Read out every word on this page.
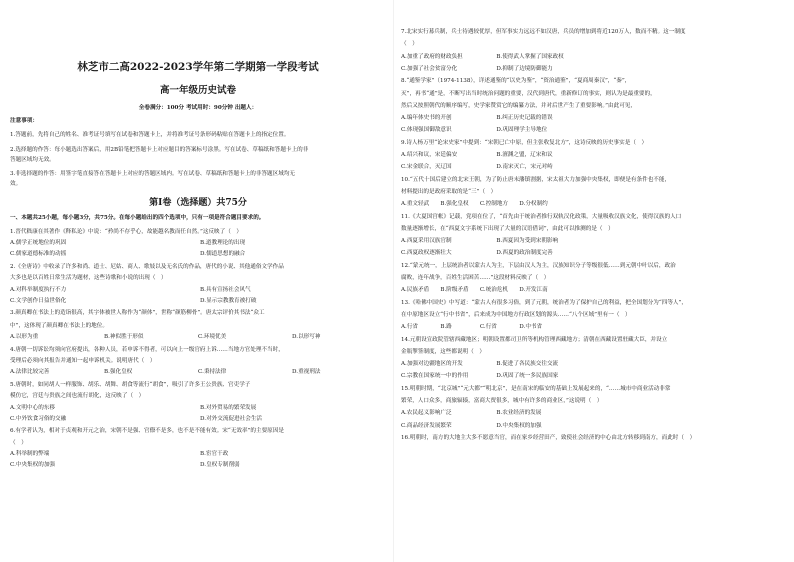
林芝市二高2022-2023学年第二学期第一学段考试
高一年级历史试卷
全卷满分：100分 考试用时：90分钟 出题人：
注意事项：
1.答题前，先将自己的姓名、准考证号填写在试卷和答题卡上，并将准考证号条形码粘贴在答题卡上的指定位置。
2.选择题的作答：每小题选出答案后，用2B铅笔把答题卡上对应题目的答案标号涂黑。写在试卷、草稿纸和答题卡上的非
答题区域均无效。
3.非选择题的作答：用签字笔直接答在答题卡上对应的答题区域内。写在试卷、草稿纸和答题卡上的非答题区域均无
效。
第Ⅰ卷（选择题）共75分
一、本题共25小题，每小题3分，共75分。在每小题给出的四个选项中，只有一项是符合题目要求的。
1.晋代嵇康在其著作《释私论》中说：“矜尚不存乎心，故能越名教而任自然。”这反映了（　）
A.儒学正统地位的巩固	B.道教理论的出现
C.儒家道德标准的动摇	D.儒道思想的融合
2.《全唐诗》中收录了许多和尚、道士、尼姑、商人、歌妓以及无名氏的作品，唐代的小说、其他通俗文学作品
大多也是以百姓日常生活为题材，这些诗歌和小说的出现（　）
A.对科举制度执行不力	B.具有宣扬社会风气
C.文学创作日益世俗化	D.显示宗教教育被打破
3.颜真卿在书法上的造诣很高，其字体被世人称作为“颜体”，世称“颜筋柳骨”。唐太宗评价其书法“众工
中”，这体现了颜真卿在书法上的地位。
A.以形为重	B.神似胜于形似	C.环境优美	D.以形写神
4.唐朝一切诉讼均须向官府提出，各种人员，若申诉不得者，可以向上一级官府上诉……当地方官处理不当时，
受理后必须向其报告并通知一起申诉机关。说明唐代（　）
A.法律比较完善	B.强化皇权	C.秉持法律	D.重视刑法
5.唐朝时，如同胡人一样服饰、胡乐、胡舞、胡食等流行“胡食”，吸引了许多王公贵族、官吏学子
模仿它，宫廷与贵族之间也流行胡化，这反映了（　）
A.文明中心的东移	B.对外贸易的繁荣发展
C.中外饮食习俗的交融	D.对外交流促进社会生活
6.有学者认为，相对于贞观和开元之治，宋朝不是强、官僚不是多，也不是不能有效。宋“无效率”的主要原因是
（　）
A.科举制的弊端	B.宦官干政
C.中央集权的加强	D.皇权专制削弱
7.北宋实行募兵制，兵士待遇较优厚，但军事实力远远不如汉唐，兵员的增加到将近120万人，数而不精。这一制度
（　）
A.加重了政府的财政负担　　　　　　B.使得武人掌握了国家政权
C.加强了社会贫富分化　　　　　　　D.抑制了边境防御能力
8.“通鉴学家”（1974-1138），详述通鉴的“以史为鉴”，“资治通鉴”，“夏商周秦汉”，“秦”，
灭”，再书“通”是，不断写出当时统治问题的重要，汉代到唐代，重新修订的事实，则认为是最重要的，
然后又按照朝代的顺序编写，史学家赞赏它的编纂方法，并对后世产生了重要影响。”由此可见，
A.编年体史书的开创　　　　　　　　B.纠正历史记载的错误
C.体现强国御敌意识　　　　　　　　D.巩固理学主导地位
9.诗人杨万里“论宋史家”中提到：“宋朝已亡中原，但主张收复北方”，这诗反映的历史事实是（　）
A.绍兴和议，宋廷偏安　　　　　　　B.澶渊之盟，辽宋和议
C.宋金联合，灭辽国　　　　　　　　D.南宋灭亡，宋元对峙
10.“五代十国后建立的北宋王朝，为了防止唐末藩镇割据，宋太祖大力加强中央集权，即便是有条件也不能，
材料提出的是政府采取的是“三”（　）
A.重文轻武　　B.强化皇权　　C.控制地方　　D.分权制约
11.《大夏国宫帐》记载，党项在位了，“首先由于统治者推行双轨汉化政策，大量吸收汉族文化，使得汉族的人口
数量逐渐增长，在“西夏文字系统下出现了大量的汉语借词”，由此可以推测的是（　）
A.西夏采用汉族官制　　　　　　　　B.西夏因为受到宋朝影响
C.西夏政权逐渐壮大　　　　　　　　D.西夏的政治制度完善
12.“蒙元统一，上层统治者以蒙古人为主，下层由汉人为主，汉族知识分子等级很低……到元朝中叶以后，政治
腐败，连年战争，百姓生活困苦……”这段材料反映了（　）
A.民族矛盾　　B.阶级矛盾　　C.统治危机　　D.开发江南
13.《哈佛中国史》中写道：“蒙古人有很多习俗，到了元朝，统治者为了保护自己的利益，把全国划分为“四等人”，
在中原地区设立“行中书省”，后来成为中国地方行政区划的源头……“八个区域”里有一（　）
A.行省　　　　B.路　　　　　C.行省　　　　D.中书省
14.元朝设宣政院管辖西藏地区；明朝设置都司卫所等机构管理西藏地方；清朝在西藏设置驻藏大臣，并设立
金瓶掣签制度，这些都说明（　）
A.加强对边疆地区的开发　　　　　　B.促进了各民族交往交流
C.宗教在国家统一中的作用　　　　　D.巩固了统一多民族国家
15.明朝时期，“北京城”“元大都”“明北京”，是在南宋的临安的基础上发展起来的，“……城市中商业活动非常
繁荣，人口众多，商旅辐辏，富商大贾很多，城中有许多的商业区，”这说明（　）
A.农民起义影响广泛　　　　　　　　B.农业经济的发展
C.商品经济发展繁荣　　　　　　　　D.中央集权的加强
16.明朝时，南方的大地主大多不愿意当官，而在家乡经营田产，致使社会经济的中心由北方转移到南方，而此时（　）
